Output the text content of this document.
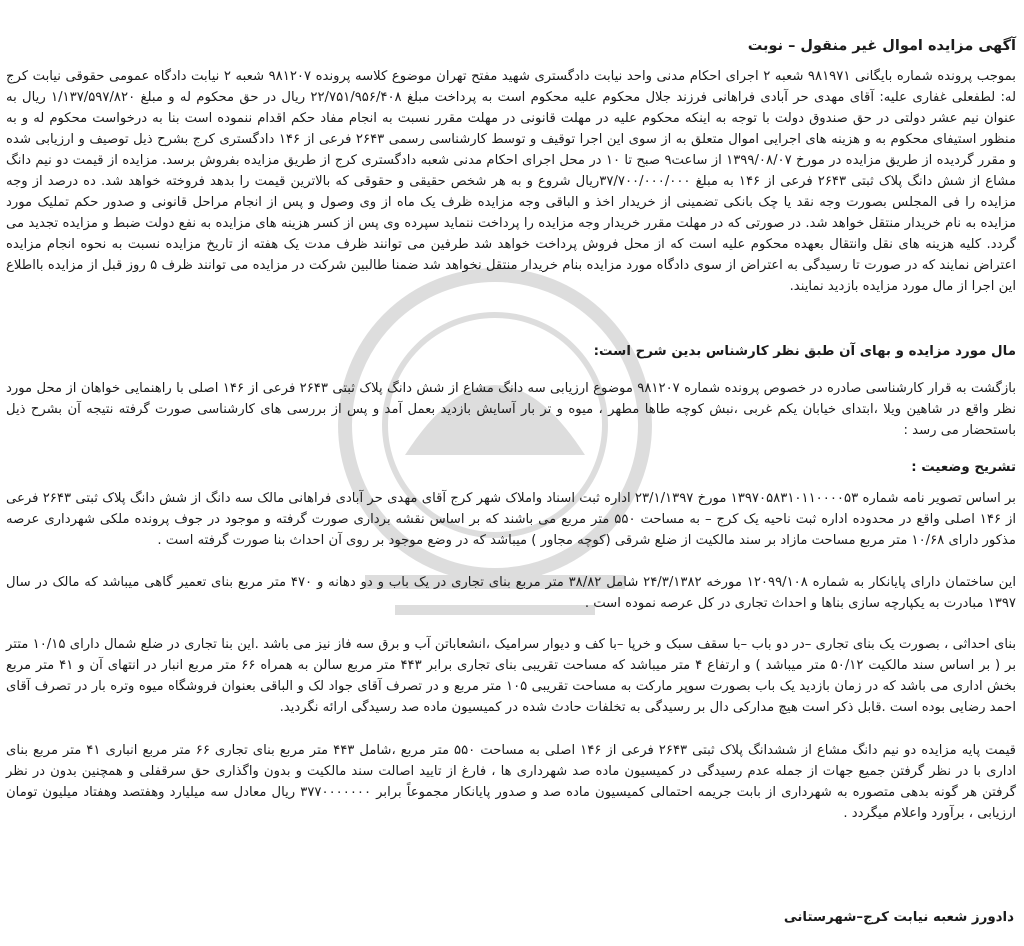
آگهی مزایده اموال غیر منقول – نوبت

بموجب پرونده شماره بایگانی ۹۸۱۹۷۱ شعبه ۲ اجرای احکام مدنی واحد نیابت دادگستری شهید مفتح تهران موضوع کلاسه پرونده ۹۸۱۲۰۷ شعبه ۲ نیابت دادگاه عمومی حقوقی نیابت کرج له: لطفعلی غفاری علیه: آقای مهدی حر آبادی فراهانی فرزند جلال محکوم علیه محکوم است به پرداخت مبلغ ۲۲/۷۵۱/۹۵۶/۴۰۸ ریال در حق محکوم له و مبلغ ۱/۱۳۷/۵۹۷/۸۲۰ ریال به عنوان نیم عشر دولتی در حق صندوق دولت با توجه به اینکه محکوم علیه در مهلت قانونی در مهلت مقرر نسبت به انجام مفاد حکم اقدام ننموده است بنا به درخواست محکوم له و به منظور استیفای محکوم به و هزینه های اجرایی اموال متعلق به از سوی این اجرا توقیف و توسط کارشناسی رسمی ۲۶۴۳ فرعی از ۱۴۶ دادگستری کرج بشرح ذیل توصیف و ارزیابی شده و مقرر گردیده از طریق مزایده در مورخ ۱۳۹۹/۰۸/۰۷ از ساعت۹ صبح تا ۱۰ در محل اجرای احکام مدنی شعبه دادگستری کرج از طریق مزایده بفروش برسد. مزایده از قیمت دو نیم دانگ مشاع از شش دانگ پلاک ثبتی ۲۶۴۳ فرعی از ۱۴۶ به مبلغ ۳۷/۷۰۰/۰۰۰/۰۰۰ریال شروع و به هر شخص حقیقی و حقوقی که بالاترین قیمت را بدهد فروخته خواهد شد. ده درصد از وجه مزایده را فی المجلس بصورت وجه نقد یا چک بانکی تضمینی از خریدار اخذ و الباقی وجه مزایده ظرف یک ماه از وی وصول و پس از انجام مراحل قانونی و صدور حکم تملیک مورد مزایده به نام خریدار منتقل خواهد شد. در صورتی که در مهلت مقرر خریدار وجه مزایده را پرداخت ننماید سپرده وی پس از کسر هزینه های مزایده به نفع دولت ضبط و مزایده تجدید می گردد. کلیه هزینه های نقل وانتقال بعهده محکوم علیه است که از محل فروش پرداخت خواهد شد طرفین می توانند ظرف مدت یک هفته از تاریخ مزایده نسبت به نحوه انجام مزایده اعتراض نمایند که در صورت تا رسیدگی به اعتراض از سوی دادگاه مورد مزایده بنام خریدار منتقل نخواهد شد ضمنا طالبین شرکت در مزایده می توانند ظرف ۵ روز قبل از مزایده بااطلاع این اجرا از مال مورد مزایده بازدید نمایند.

مال مورد مزایده و بهای آن طبق نظر کارشناس بدین شرح است:

بازگشت به قرار کارشناسی صادره در خصوص پرونده شماره ۹۸۱۲۰۷ موضوع ارزیابی سه دانگ مشاع از شش دانگ پلاک ثبتی ۲۶۴۳ فرعی از ۱۴۶ اصلی با راهنمایی خواهان از محل مورد نظر واقع در شاهین ویلا ،ابتدای خیابان یکم غربی ،نبش کوچه طاها مطهر ، میوه و تر بار آسایش بازدید بعمل آمد و پس از بررسی های کارشناسی صورت گرفته نتیجه آن بشرح ذیل باستحضار می رسد :

تشریح وضعیت :

بر اساس تصویر نامه شماره ۱۳۹۷۰۵۸۳۱۰۱۱۰۰۰۰۵۳ مورخ ۲۳/۱/۱۳۹۷ اداره ثبت اسناد واملاک شهر کرج آقای مهدی حر آبادی فراهانی مالک سه دانگ از شش دانگ پلاک ثبتی ۲۶۴۳ فرعی از ۱۴۶ اصلی واقع در محدوده اداره ثبت ناحیه یک کرج – به مساحت ۵۵۰ متر مربع می باشند که بر اساس نقشه برداری صورت گرفته و موجود در جوف پرونده ملکی شهرداری عرصه مذکور دارای ۱۰/۶۸ متر مربع مساحت مازاد بر سند مالکیت از ضلع شرقی (کوچه مجاور ) میباشد که در وضع موجود بر روی آن احداث بنا صورت گرفته است .

این ساختمان دارای پایانکار به شماره ۱۲۰۹۹/۱۰۸ مورخه ۲۴/۳/۱۳۸۲ شامل ۳۸/۸۲ متر مربع بنای تجاری در یک باب و دو دهانه و ۴۷۰ متر مربع بنای تعمیر گاهی میباشد که مالک در سال ۱۳۹۷ مبادرت به یکپارچه سازی بناها و احداث تجاری در کل عرصه نموده است .

بنای احداثی ، بصورت یک بنای تجاری –در دو باب –با سقف سبک و خرپا –با کف و دیوار سرامیک ،انشعاباتن آب و برق سه فاز نیز می باشد .این بنا تجاری در ضلع شمال دارای ۱۰/۱۵ متتر بر ( بر اساس سند مالکیت ۵۰/۱۲ متر میباشد ) و ارتفاع ۴ متر میباشد که مساحت تقریبی بنای تجاری برابر ۴۴۳ متر مربع سالن به همراه ۶۶ متر مربع انبار در انتهای آن و ۴۱ متر مربع بخش اداری می باشد که در زمان بازدید یک باب بصورت سوپر مارکت به مساحت تقریبی ۱۰۵ متر مربع و در تصرف آقای جواد لک و الباقی بعنوان فروشگاه میوه وتره بار در تصرف آقای احمد رضایی بوده است .قابل ذکر است هیچ مدارکی دال بر رسیدگی به تخلفات حادث شده در کمیسیون ماده صد رسیدگی ارائه نگردید.

قیمت پایه مزایده دو نیم دانگ مشاع از ششدانگ پلاک ثبتی ۲۶۴۳ فرعی از ۱۴۶ اصلی به مساحت ۵۵۰ متر مربع ،شامل ۴۴۳ متر مربع بنای تجاری ۶۶ متر مربع انباری ۴۱ متر مربع بنای اداری با در نظر گرفتن جمیع جهات از جمله عدم رسیدگی در کمیسیون ماده صد شهرداری ها ، فارغ از تایید اصالت سند مالکیت و بدون واگذاری حق سرقفلی و همچنین بدون در نظر گرفتن هر گونه بدهی متصوره به شهرداری از بابت جریمه احتمالی کمیسیون ماده صد و صدور پایانکار مجموعاً برابر ۳۷۷۰۰۰۰۰۰۰ ریال معادل سه میلیارد وهفتصد وهفتاد میلیون تومان ارزیابی ، برآورد واعلام میگردد .

دادورز شعبه نیابت کرج–شهرستانی
